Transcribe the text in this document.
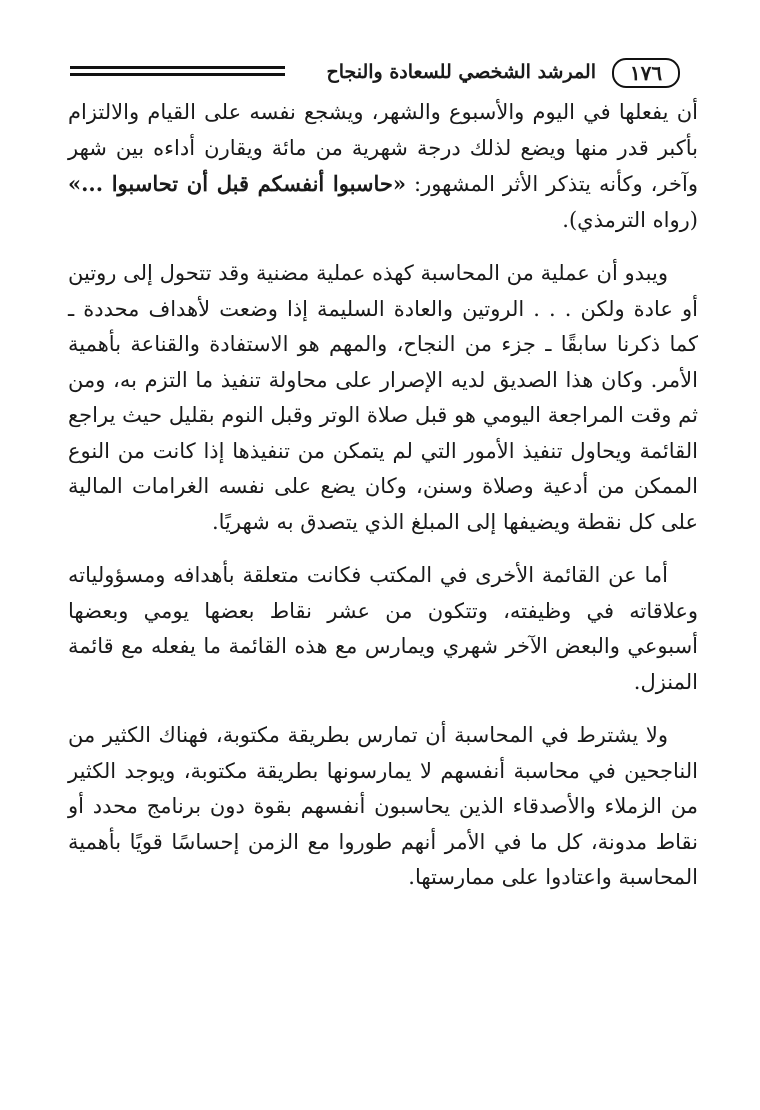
١٧٦
المرشد الشخصي للسعادة والنجاح

أن يفعلها في اليوم والأسبوع والشهر، ويشجع نفسه على القيام والالتزام بأكبر قدر منها ويضع لذلك درجة شهرية من مائة ويقارن أداءه بين شهر وآخر، وكأنه يتذكر الأثر المشهور: «حاسبوا أنفسكم قبل أن تحاسبوا ...» (رواه الترمذي).

ويبدو أن عملية من المحاسبة كهذه عملية مضنية وقد تتحول إلى روتين أو عادة ولكن . . . الروتين والعادة السليمة إذا وضعت لأهداف محددة ـ كما ذكرنا سابقًا ـ جزء من النجاح، والمهم هو الاستفادة والقناعة بأهمية الأمر. وكان هذا الصديق لديه الإصرار على محاولة تنفيذ ما التزم به، ومن ثم وقت المراجعة اليومي هو قبل صلاة الوتر وقبل النوم بقليل حيث يراجع القائمة ويحاول تنفيذ الأمور التي لم يتمكن من تنفيذها إذا كانت من النوع الممكن من أدعية وصلاة وسنن، وكان يضع على نفسه الغرامات المالية على كل نقطة ويضيفها إلى المبلغ الذي يتصدق به شهريًا.

أما عن القائمة الأخرى في المكتب فكانت متعلقة بأهدافه ومسؤولياته وعلاقاته في وظيفته، وتتكون من عشر نقاط بعضها يومي وبعضها أسبوعي والبعض الآخر شهري ويمارس مع هذه القائمة ما يفعله مع قائمة المنزل.

ولا يشترط في المحاسبة أن تمارس بطريقة مكتوبة، فهناك الكثير من الناجحين في محاسبة أنفسهم لا يمارسونها بطريقة مكتوبة، ويوجد الكثير من الزملاء والأصدقاء الذين يحاسبون أنفسهم بقوة دون برنامج محدد أو نقاط مدونة، كل ما في الأمر أنهم طوروا مع الزمن إحساسًا قويًا بأهمية المحاسبة واعتادوا على ممارستها.
